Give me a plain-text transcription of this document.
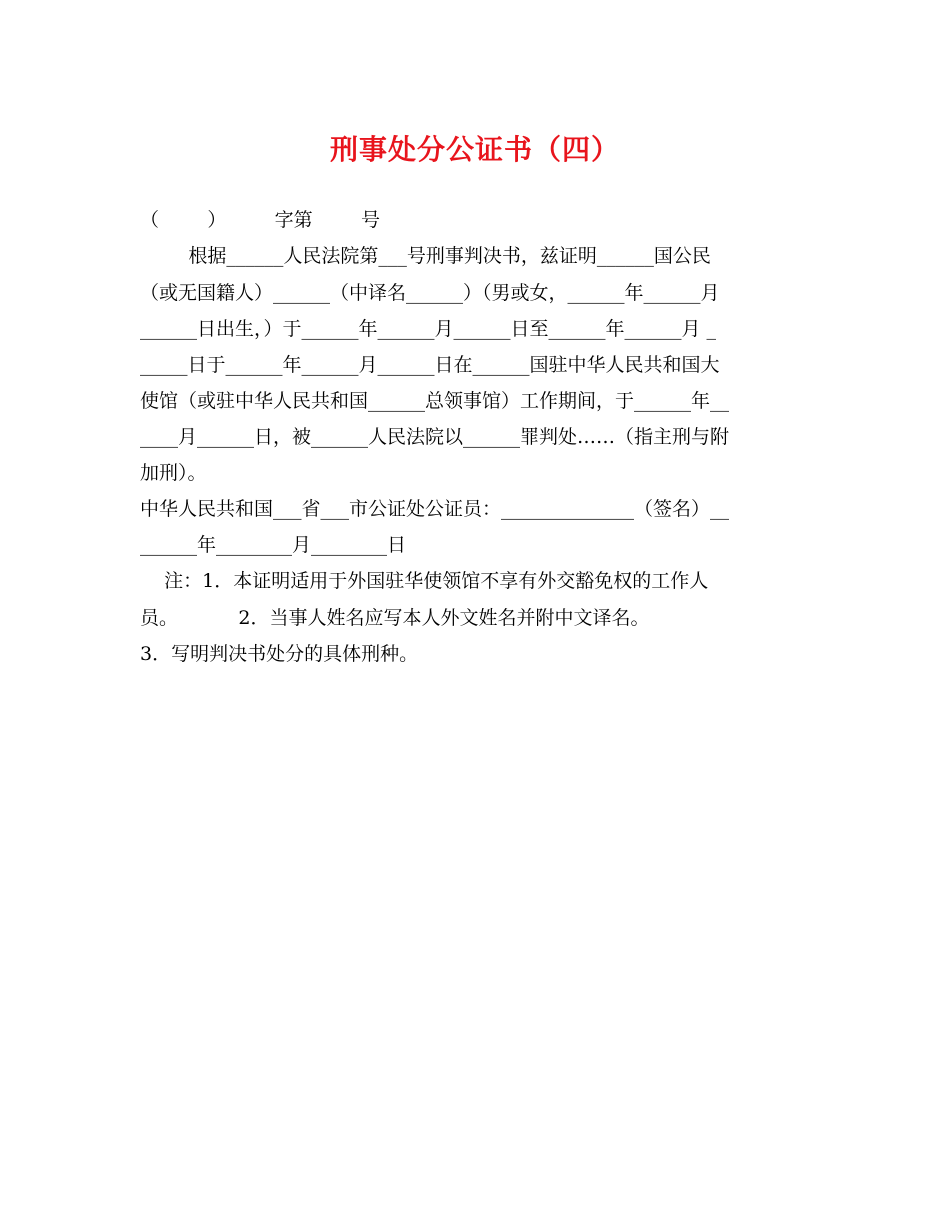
刑事处分公证书（四）
（        ）        字第        号
根据______人民法院第___号刑事判决书，兹证明______国公民
（或无国籍人）______（中译名______）（男或女，______年______月
______日出生，）于______年______月______日至______年______月 _
_____日于______年______月______日在______国驻中华人民共和国大
使馆（或驻中华人民共和国______总领事馆）工作期间，于______年__
____月______日，被______人民法院以______罪判处……（指主刑与附
加刑）。
中华人民共和国___省___市公证处公证员：______________（签名）__
______年________月________日
注：1．本证明适用于外国驻华使领馆不享有外交豁免权的工作人
员。          2．当事人姓名应写本人外文姓名并附中文译名。
3．写明判决书处分的具体刑种。
